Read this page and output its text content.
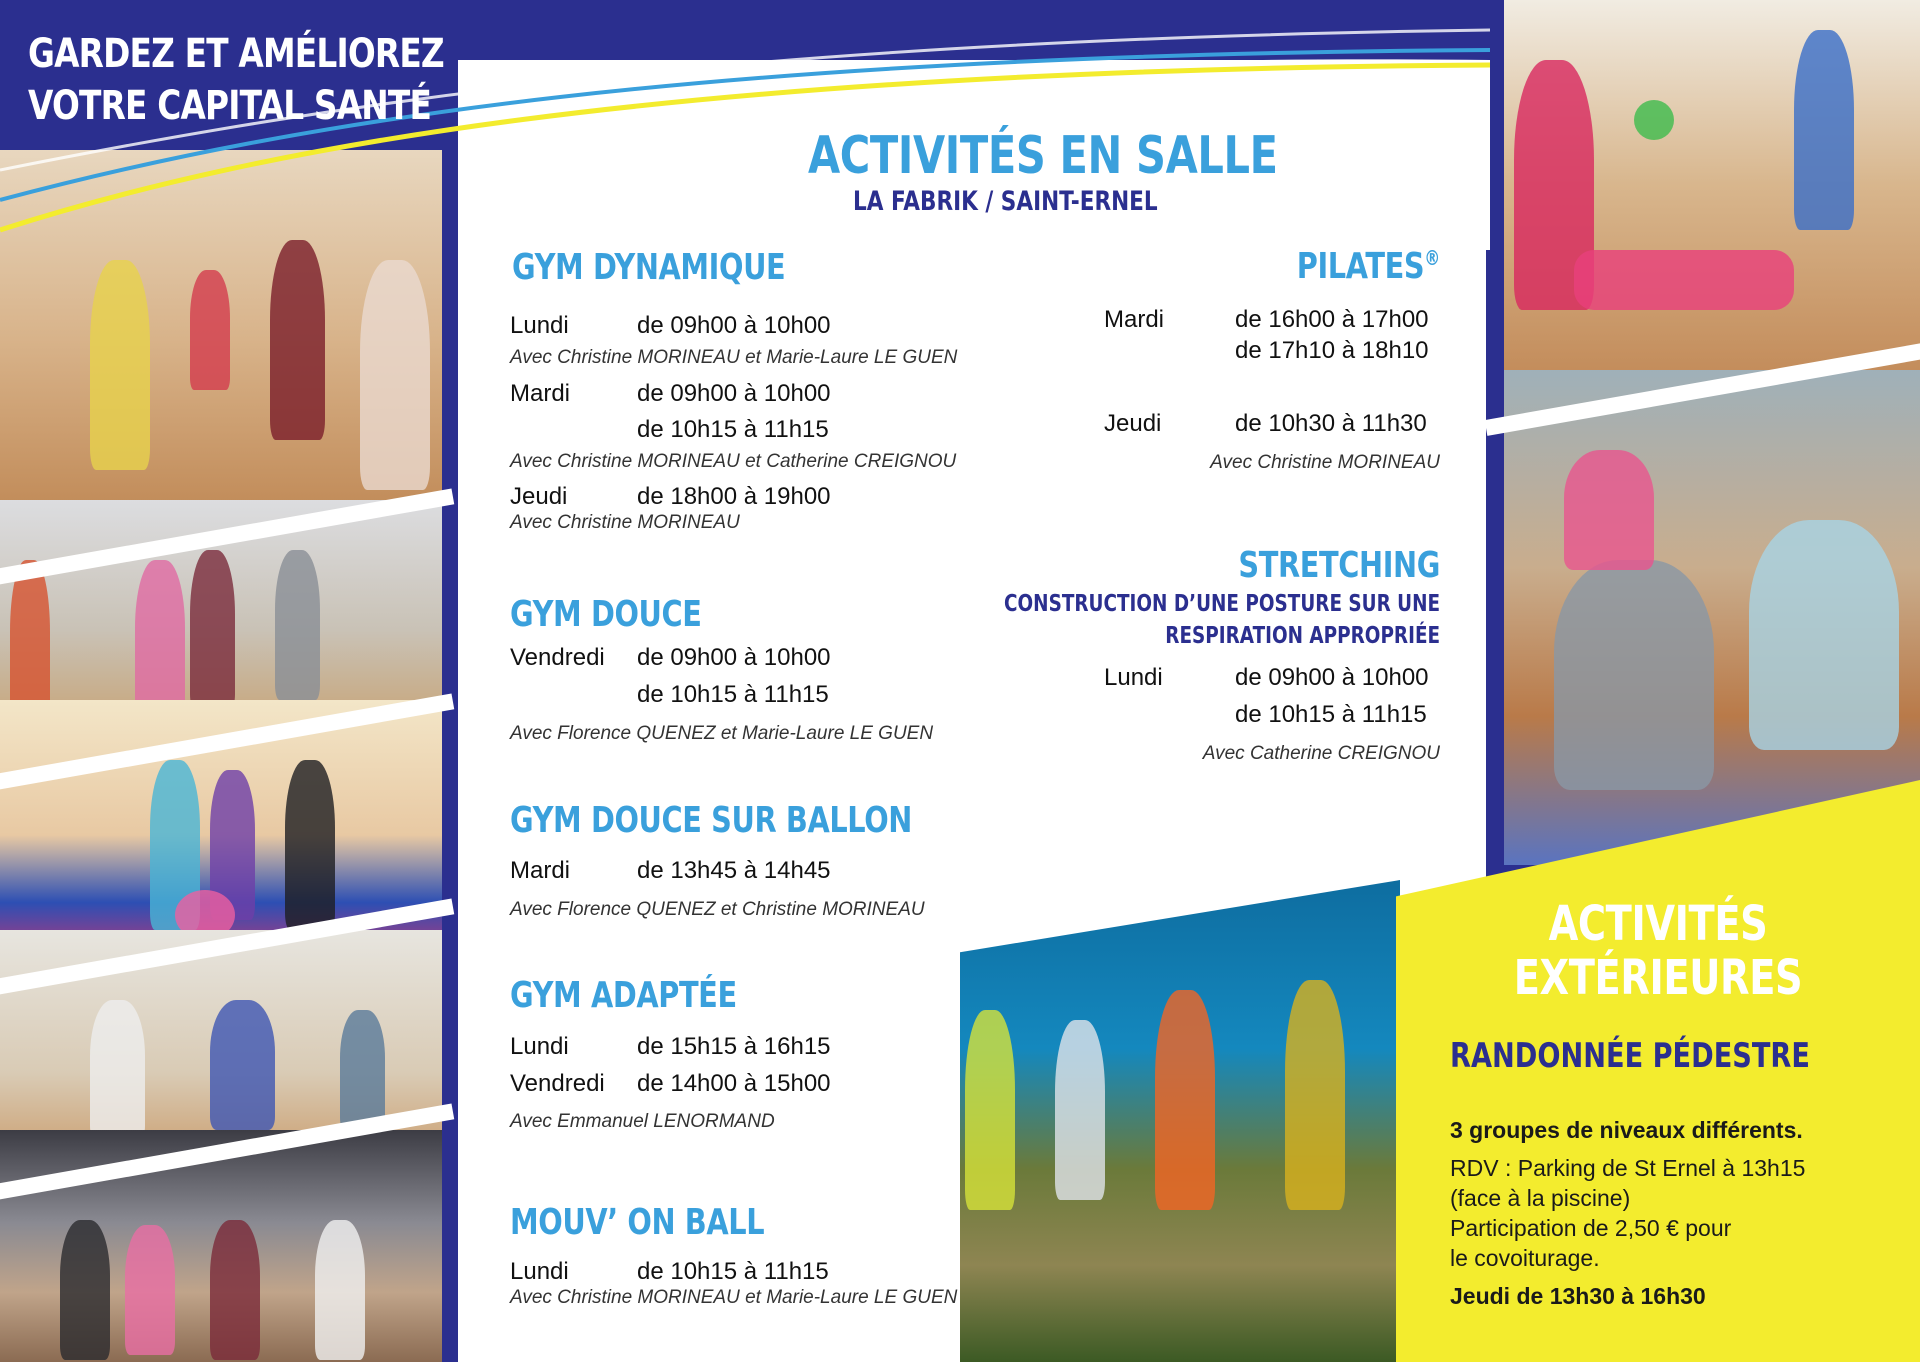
GARDEZ ET AMÉLIOREZ
VOTRE CAPITAL SANTÉ
ACTIVITÉS EN SALLE
LA FABRIK / SAINT-ERNEL
GYM DYNAMIQUE
Lundi	de 09h00 à 10h00
Avec Christine MORINEAU et Marie-Laure LE GUEN
Mardi	de 09h00 à 10h00
de 10h15 à 11h15
Avec Christine MORINEAU et Catherine CREIGNOU
Jeudi	de 18h00 à 19h00
Avec Christine MORINEAU
GYM DOUCE
Vendredi de 09h00 à 10h00
de 10h15 à 11h15
Avec Florence QUENEZ et Marie-Laure LE GUEN
GYM DOUCE SUR BALLON
Mardi	de 13h45 à 14h45
Avec Florence QUENEZ et Christine MORINEAU
GYM ADAPTÉE
Lundi	de 15h15 à 16h15
Vendredi de 14h00 à 15h00
Avec Emmanuel LENORMAND
MOUV’ ON BALL
Lundi	de 10h15 à 11h15
Avec Christine MORINEAU et Marie-Laure LE GUEN
PILATES®
Mardi	de 16h00 à 17h00
de 17h10 à 18h10
Jeudi	de 10h30 à 11h30
Avec Christine MORINEAU
STRETCHING
CONSTRUCTION D’UNE POSTURE SUR UNE
RESPIRATION APPROPRIÉE
Lundi	de 09h00 à 10h00
de 10h15 à 11h15
Avec Catherine CREIGNOU
ACTIVITÉS
EXTÉRIEURES
RANDONNÉE PÉDESTRE
3 groupes de niveaux différents.
RDV : Parking de St Ernel à 13h15
(face à la piscine)
Participation de 2,50 € pour
le covoiturage.
Jeudi de 13h30 à 16h30
